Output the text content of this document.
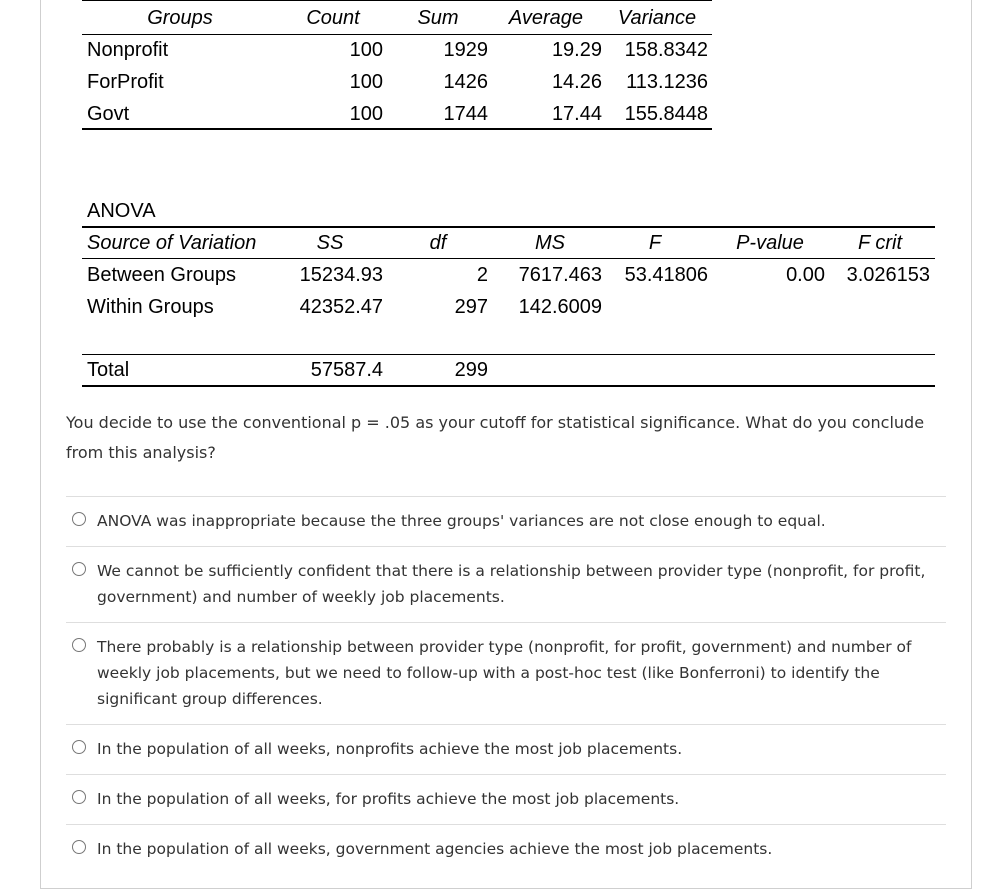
Groups	Count	Sum	Average	Variance
Nonprofit	100	1929	19.29	158.8342
ForProfit	100	1426	14.26	113.1236
Govt	100	1744	17.44	155.8448
ANOVA
Source of Variation	SS	df	MS	F	P-value	F crit
Between Groups	15234.93	2	7617.463	53.41806	0.00	3.026153
Within Groups	42352.47	297	142.6009
Total	57587.4	299
You decide to use the conventional p = .05 as your cutoff for statistical significance. What do you conclude from this analysis?
ANOVA was inappropriate because the three groups' variances are not close enough to equal.
We cannot be sufficiently confident that there is a relationship between provider type (nonprofit, for profit, government) and number of weekly job placements.
There probably is a relationship between provider type (nonprofit, for profit, government) and number of weekly job placements, but we need to follow-up with a post-hoc test (like Bonferroni) to identify the significant group differences.
In the population of all weeks, nonprofits achieve the most job placements.
In the population of all weeks, for profits achieve the most job placements.
In the population of all weeks, government agencies achieve the most job placements.
